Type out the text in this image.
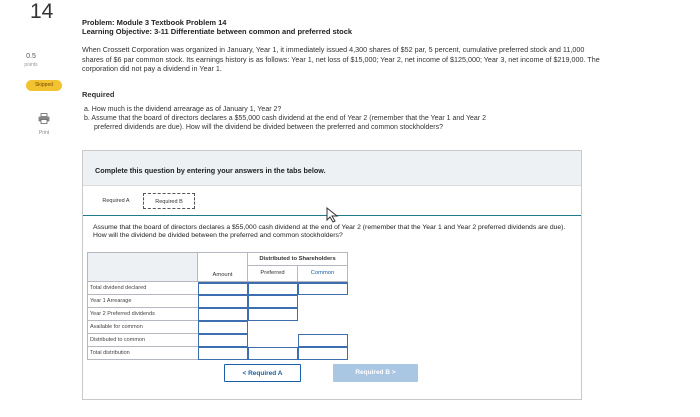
14
0.5
points
Skipped
Print
Problem: Module 3 Textbook Problem 14
Learning Objective: 3-11 Differentiate between common and preferred stock
When Crossett Corporation was organized in January, Year 1, it immediately issued 4,300 shares of $52 par, 5 percent, cumulative preferred stock and 11,000 shares of $6 par common stock. Its earnings history is as follows: Year 1, net loss of $15,000; Year 2, net income of $125,000; Year 3, net income of $219,000. The corporation did not pay a dividend in Year 1.
Required
a. How much is the dividend arrearage as of January 1, Year 2?
b. Assume that the board of directors declares a $55,000 cash dividend at the end of Year 2 (remember that the Year 1 and Year 2
preferred dividends are due). How will the dividend be divided between the preferred and common stockholders?
Complete this question by entering your answers in the tabs below.
Required A	Required B
Assume that the board of directors declares a $55,000 cash dividend at the end of Year 2 (remember that the Year 1 and Year 2 preferred dividends are due). How will the dividend be divided between the preferred and common stockholders?
Amount
Distributed to Shareholders
Preferred	Common
Total dividend declared
Year 1 Arrearage
Year 2 Preferred dividends
Available for common
Distributed to common
Total distribution
< Required A	Required B >
